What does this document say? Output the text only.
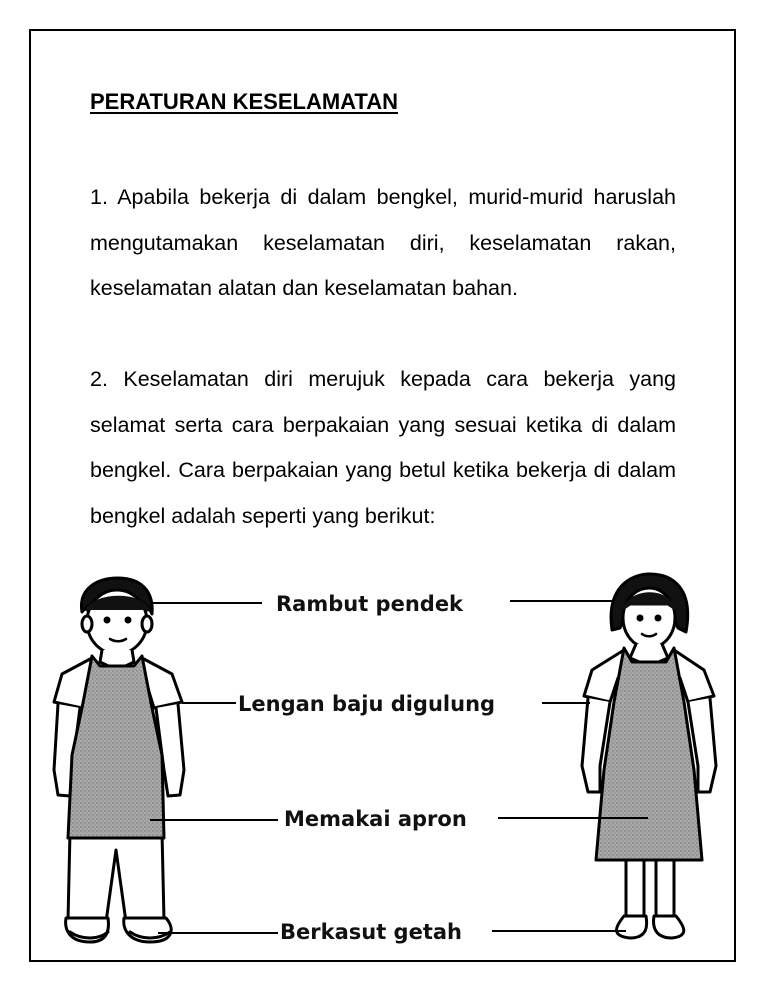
PERATURAN KESELAMATAN

1. Apabila bekerja di dalam bengkel, murid-murid haruslah mengutamakan keselamatan diri, keselamatan rakan, keselamatan alatan dan keselamatan bahan.

2. Keselamatan diri merujuk kepada cara bekerja yang selamat serta cara berpakaian yang sesuai ketika di dalam bengkel. Cara berpakaian yang betul ketika bekerja di dalam bengkel adalah seperti yang berikut:

Rambut pendek
Lengan baju digulung
Memakai apron
Berkasut getah
